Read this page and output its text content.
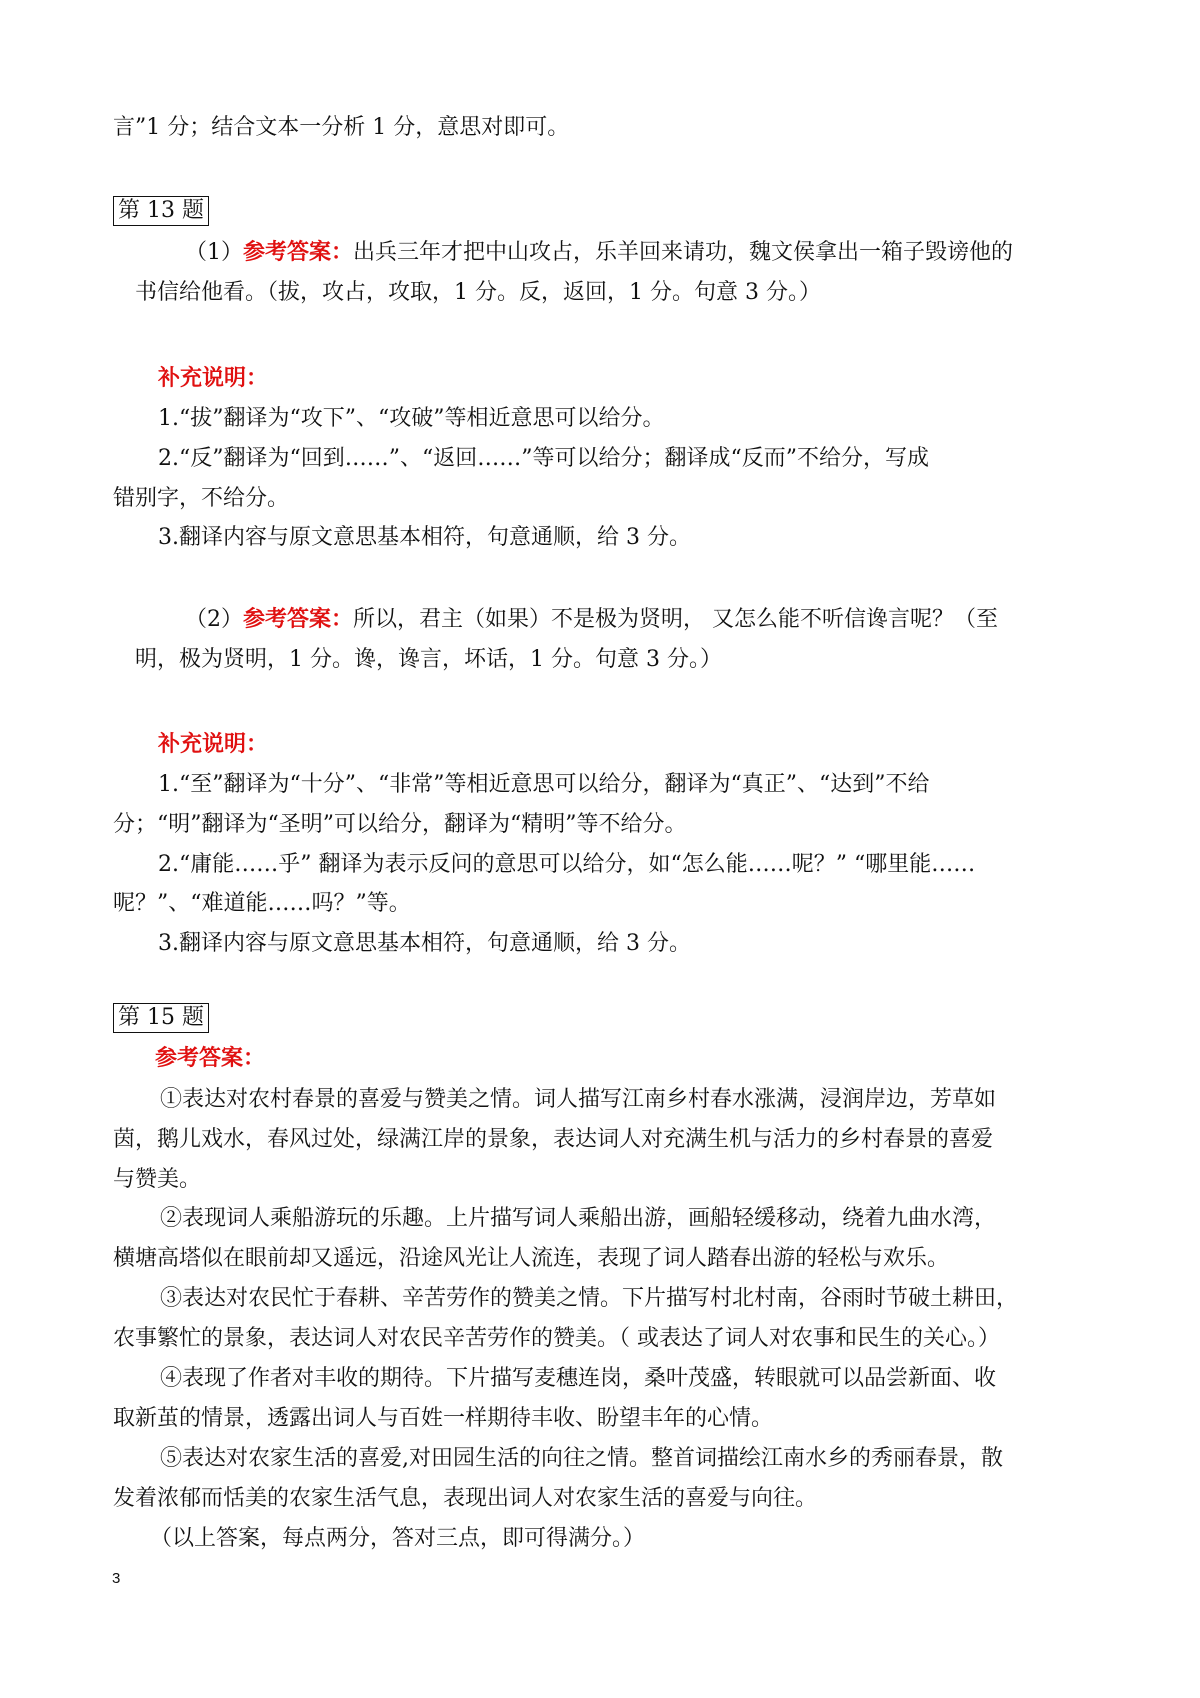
言”1 分；结合文本一分析 1 分，意思对即可。
第 13 题
（1）参考答案：出兵三年才把中山攻占，乐羊回来请功，魏文侯拿出一箱子毁谤他的
书信给他看。（拔，攻占，攻取，1 分。反，返回，1 分。句意 3 分。）
补充说明：
1.“拔”翻译为“攻下”、“攻破”等相近意思可以给分。
2.“反”翻译为“回到……”、“返回……”等可以给分；翻译成“反而”不给分，写成
错别字，不给分。
3.翻译内容与原文意思基本相符，句意通顺，给 3 分。
（2）参考答案：所以，君主（如果）不是极为贤明， 又怎么能不听信谗言呢？（至
明，极为贤明，1 分。谗，谗言，坏话，1 分。句意 3 分。）
补充说明：
1.“至”翻译为“十分”、“非常”等相近意思可以给分，翻译为“真正”、“达到”不给
分；“明”翻译为“圣明”可以给分，翻译为“精明”等不给分。
2.“庸能……乎” 翻译为表示反问的意思可以给分，如“怎么能……呢？” “哪里能……
呢？”、“难道能……吗？”等。
3.翻译内容与原文意思基本相符，句意通顺，给 3 分。
第 15 题
参考答案：
①表达对农村春景的喜爱与赞美之情。词人描写江南乡村春水涨满，浸润岸边，芳草如
茵，鹅儿戏水，春风过处，绿满江岸的景象，表达词人对充满生机与活力的乡村春景的喜爱
与赞美。
②表现词人乘船游玩的乐趣。上片描写词人乘船出游，画船轻缓移动，绕着九曲水湾，
横塘高塔似在眼前却又遥远，沿途风光让人流连，表现了词人踏春出游的轻松与欢乐。
③表达对农民忙于春耕、辛苦劳作的赞美之情。下片描写村北村南，谷雨时节破土耕田，
农事繁忙的景象，表达词人对农民辛苦劳作的赞美。（ 或表达了词人对农事和民生的关心。）
④表现了作者对丰收的期待。下片描写麦穗连岗，桑叶茂盛，转眼就可以品尝新面、收
取新茧的情景，透露出词人与百姓一样期待丰收、盼望丰年的心情。
⑤表达对农家生活的喜爱,对田园生活的向往之情。整首词描绘江南水乡的秀丽春景，散
发着浓郁而恬美的农家生活气息，表现出词人对农家生活的喜爱与向往。
（以上答案，每点两分，答对三点，即可得满分。）
3
